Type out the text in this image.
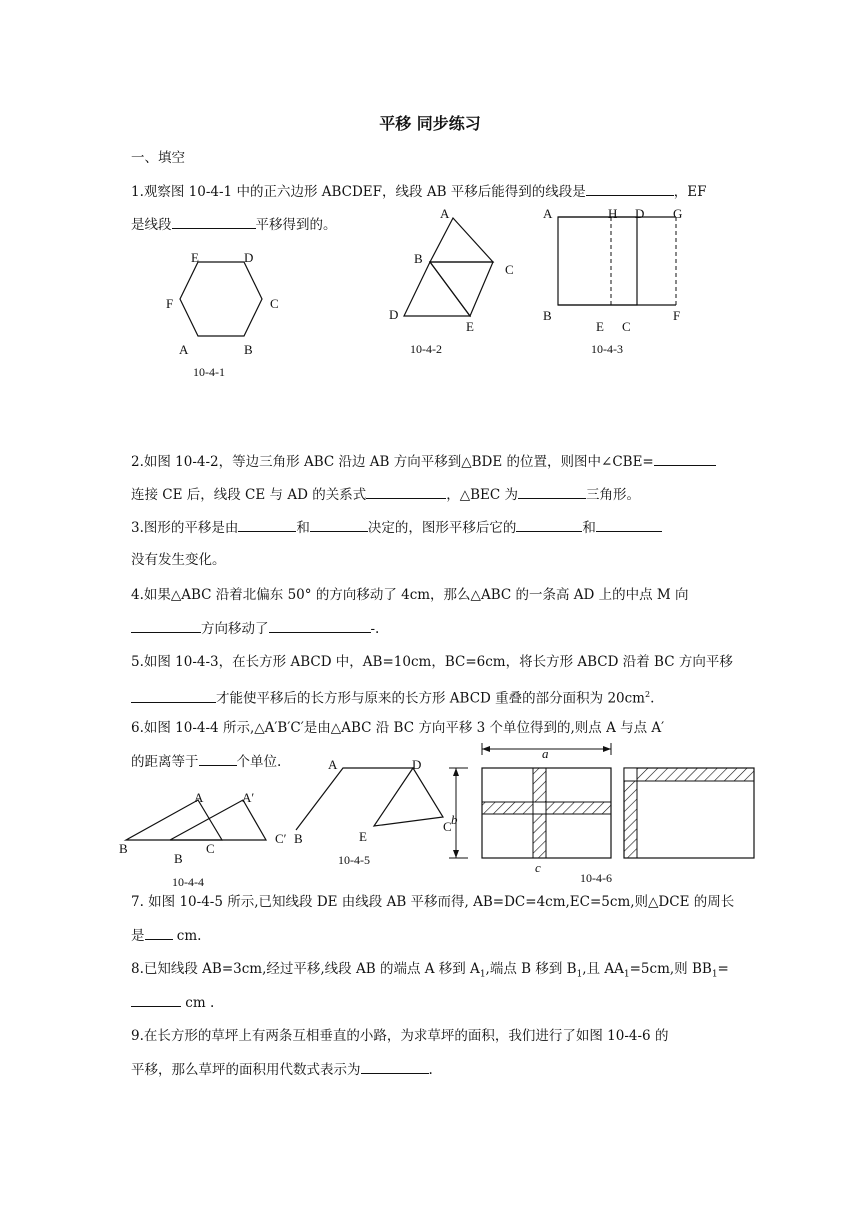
平移 同步练习
一、填空
1.观察图 10-4-1 中的正六边形 ABCDEF，线段 AB 平移后能得到的线段是	，EF
是线段	平移得到的。
E	D
F	C
A	B
10-4-1
A
B
C
D
E
10-4-2
A	H D G
B
E C
F
10-4-3
2.如图 10-4-2，等边三角形 ABC 沿边 AB 方向平移到△BDE 的位置，则图中∠CBE=
连接 CE 后，线段 CE 与 AD 的关系式	，△BEC 为	三角形。
3.图形的平移是由	和	决定的，图形平移后它的	和
没有发生变化。
4.如果△ABC 沿着北偏东 50° 的方向移动了 4cm，那么△ABC 的一条高 AD 上的中点 M 向
方向移动了	-.
5.如图 10-4-3，在长方形 ABCD 中，AB=10cm，BC=6cm，将长方形 ABCD 沿着 BC 方向平移
才能使平移后的长方形与原来的长方形 ABCD 重叠的部分面积为 $20cm^2$.
6.如图 10-4-4 所示,△A′B′C′是由△ABC 沿 BC 方向平移 3 个单位得到的,则点 A 与点 A′
的距离等于	个单位.
A	A′
B
B
C
C′
10-4-4
A	D
B	E
C
10-4-5
a
b
c
10-4-6
7. 如图 10-4-5 所示,已知线段 DE 由线段 AB 平移而得, AB=DC=4cm,EC=5cm,则△DCE 的周长
是 cm.
8.已知线段 AB=3cm,经过平移,线段 AB 的端点 A 移到 $A_1$,端点 B 移到 $B_1$,且 $AA_1=5cm$,则 $BB_1=$
cm .
9.在长方形的草坪上有两条互相垂直的小路，为求草坪的面积，我们进行了如图 10-4-6 的
平移，那么草坪的面积用代数式表示为	.
